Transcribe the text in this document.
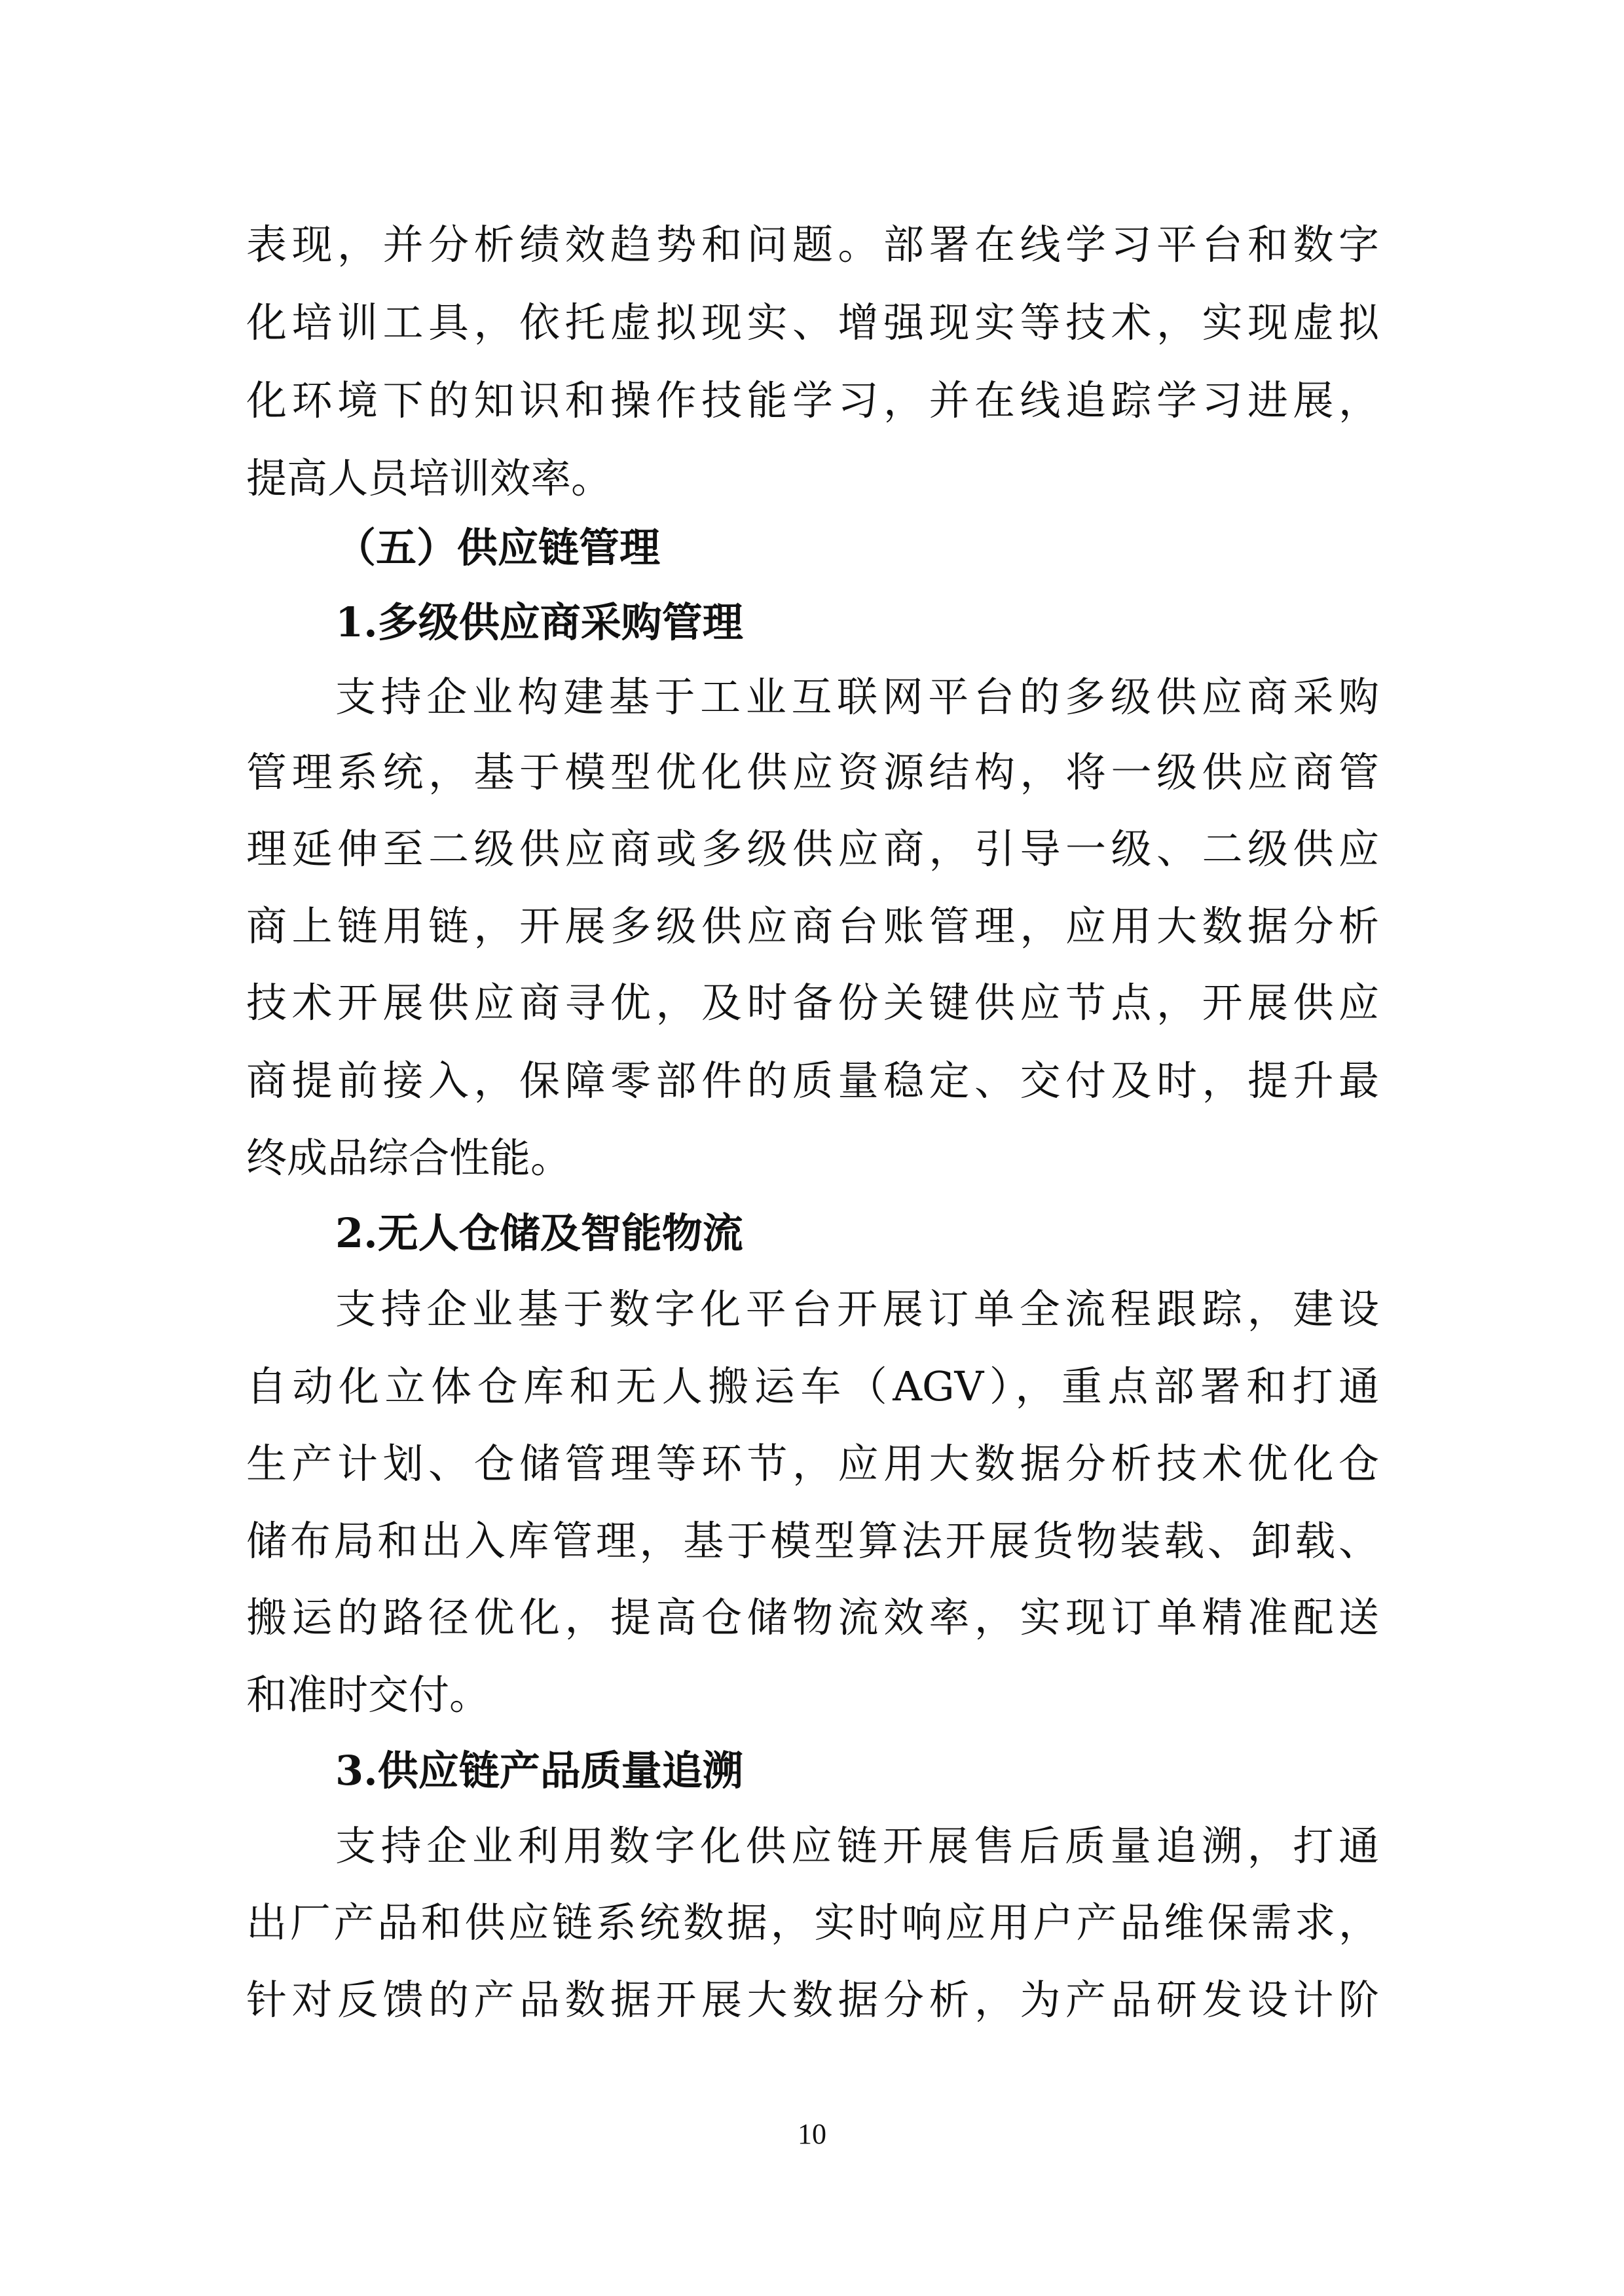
表现，并分析绩效趋势和问题。部署在线学习平台和数字
化培训工具，依托虚拟现实、增强现实等技术，实现虚拟
化环境下的知识和操作技能学习，并在线追踪学习进展，
提高人员培训效率。
（五）供应链管理
1.多级供应商采购管理
支持企业构建基于工业互联网平台的多级供应商采购
管理系统，基于模型优化供应资源结构，将一级供应商管
理延伸至二级供应商或多级供应商，引导一级、二级供应
商上链用链，开展多级供应商台账管理，应用大数据分析
技术开展供应商寻优，及时备份关键供应节点，开展供应
商提前接入，保障零部件的质量稳定、交付及时，提升最
终成品综合性能。
2.无人仓储及智能物流
支持企业基于数字化平台开展订单全流程跟踪，建设
自动化立体仓库和无人搬运车（AGV），重点部署和打通
生产计划、仓储管理等环节，应用大数据分析技术优化仓
储布局和出入库管理，基于模型算法开展货物装载、卸载、
搬运的路径优化，提高仓储物流效率，实现订单精准配送
和准时交付。
3.供应链产品质量追溯
支持企业利用数字化供应链开展售后质量追溯，打通
出厂产品和供应链系统数据，实时响应用户产品维保需求，
针对反馈的产品数据开展大数据分析，为产品研发设计阶
10
